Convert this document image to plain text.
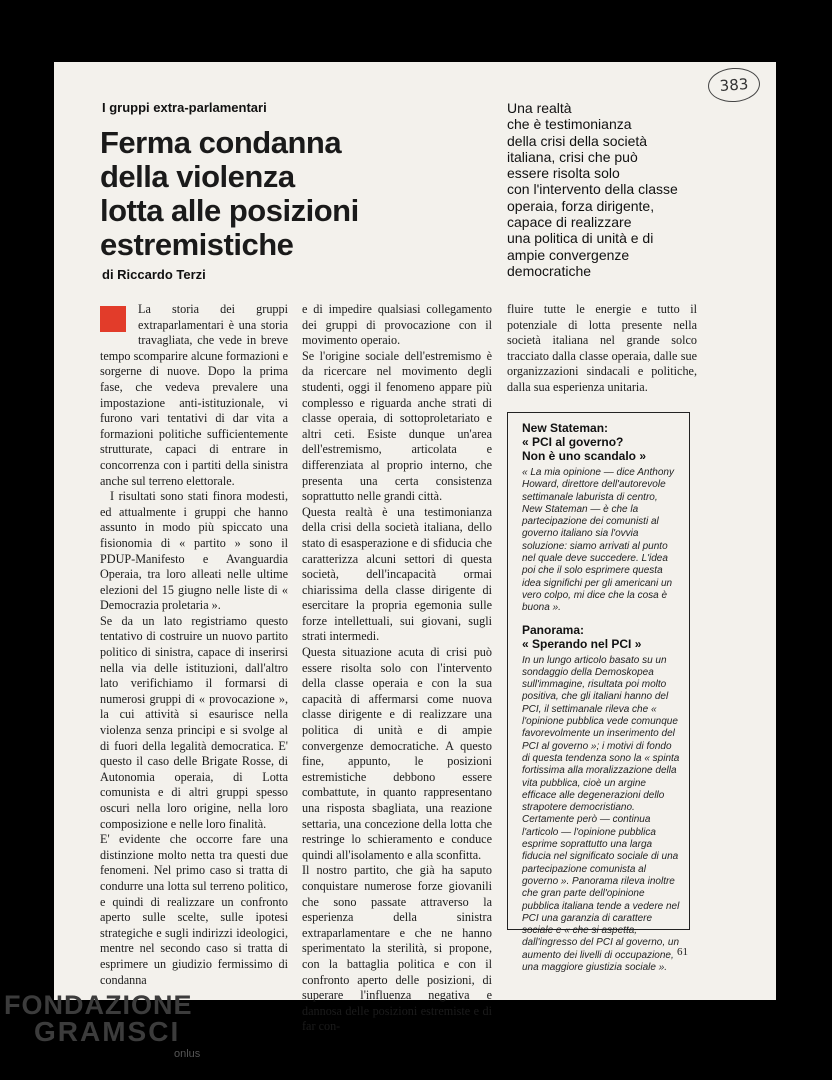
383
I gruppi extra-parlamentari
Ferma condanna
della violenza
lotta alle posizioni
estremistiche
di Riccardo Terzi
Una realtà
che è testimonianza
della crisi della società
italiana, crisi che può
essere risolta solo
con l'intervento della classe
operaia, forza dirigente,
capace di realizzare
una politica di unità e di
ampie convergenze
democratiche

La storia dei gruppi extraparlamentari è una storia travagliata, che vede in breve tempo scomparire alcune formazioni e sorgerne di nuove. Dopo la prima fase, che vedeva prevalere una impostazione anti-istituzionale, vi furono vari tentativi di dar vita a formazioni politiche sufficientemente strutturate, capaci di entrare in concorrenza con i partiti della sinistra anche sul terreno elettorale.

I risultati sono stati finora modesti, ed attualmente i gruppi che hanno assunto in modo più spiccato una fisionomia di « partito » sono il PDUP-Manifesto e Avanguardia Operaia, tra loro alleati nelle ultime elezioni del 15 giugno nelle liste di « Democrazia proletaria ».

Se da un lato registriamo questo tentativo di costruire un nuovo partito politico di sinistra, capace di inserirsi nella via delle istituzioni, dall'altro lato verifichiamo il formarsi di numerosi gruppi di « provocazione », la cui attività si esaurisce nella violenza senza principi e si svolge al di fuori della legalità democratica. E' questo il caso delle Brigate Rosse, di Autonomia operaia, di Lotta comunista e di altri gruppi spesso oscuri nella loro origine, nella loro composizione e nelle loro finalità.

E' evidente che occorre fare una distinzione molto netta tra questi due fenomeni. Nel primo caso si tratta di condurre una lotta sul terreno politico, e quindi di realizzare un confronto aperto sulle scelte, sulle ipotesi strategiche e sugli indirizzi ideologici, mentre nel secondo caso si tratta di esprimere un giudizio fermissimo di condanna

e di impedire qualsiasi collegamento dei gruppi di provocazione con il movimento operaio.

Se l'origine sociale dell'estremismo è da ricercare nel movimento degli studenti, oggi il fenomeno appare più complesso e riguarda anche strati di classe operaia, di sottoproletariato e altri ceti. Esiste dunque un'area dell'estremismo, articolata e differenziata al proprio interno, che presenta una certa consistenza soprattutto nelle grandi città.

Questa realtà è una testimonianza della crisi della società italiana, dello stato di esasperazione e di sfiducia che caratterizza alcuni settori di questa società, dell'incapacità ormai chiarissima della classe dirigente di esercitare la propria egemonia sulle forze intellettuali, sui giovani, sugli strati intermedi.

Questa situazione acuta di crisi può essere risolta solo con l'intervento della classe operaia e con la sua capacità di affermarsi come nuova classe dirigente e di realizzare una politica di unità e di ampie convergenze democratiche. A questo fine, appunto, le posizioni estremistiche debbono essere combattute, in quanto rappresentano una risposta sbagliata, una reazione settaria, una concezione della lotta che restringe lo schieramento e conduce quindi all'isolamento e alla sconfitta.

Il nostro partito, che già ha saputo conquistare numerose forze giovanili che sono passate attraverso la esperienza della sinistra extraparlamentare e che ne hanno sperimentato la sterilità, si propone, con la battaglia politica e con il confronto aperto delle posizioni, di superare l'influenza negativa e dannosa delle posizioni estremiste e di far con-

fluire tutte le energie e tutto il potenziale di lotta presente nella società italiana nel grande solco tracciato dalla classe operaia, dalle sue organizzazioni sindacali e politiche, dalla sua esperienza unitaria.

New Stateman:
« PCI al governo?
Non è uno scandalo »

« La mia opinione — dice Anthony Howard, direttore dell'autorevole settimanale laburista di centro, New Stateman — è che la partecipazione dei comunisti al governo italiano sia l'ovvia soluzione: siamo arrivati al punto nel quale deve succedere. L'idea poi che il solo esprimere questa idea significhi per gli americani un vero colpo, mi dice che la cosa è buona ».

Panorama:
« Sperando nel PCI »

In un lungo articolo basato su un sondaggio della Demoskopea sull'immagine, risultata poi molto positiva, che gli italiani hanno del PCI, il settimanale rileva che « l'opinione pubblica vede comunque favorevolmente un inserimento del PCI al governo »; i motivi di fondo di questa tendenza sono la « spinta fortissima alla moralizzazione della vita pubblica, cioè un argine efficace alle degenerazioni dello strapotere democristiano. Certamente però — continua l'articolo — l'opinione pubblica esprime soprattutto una larga fiducia nel significato sociale di una partecipazione comunista al governo ». Panorama rileva inoltre che gran parte dell'opinione pubblica italiana tende a vedere nel PCI una garanzia di carattere sociale e « che si aspetta, dall'ingresso del PCI al governo, un aumento dei livelli di occupazione, una maggiore giustizia sociale ».

61
FONDAZIONE
GRAMSCI
onlus
